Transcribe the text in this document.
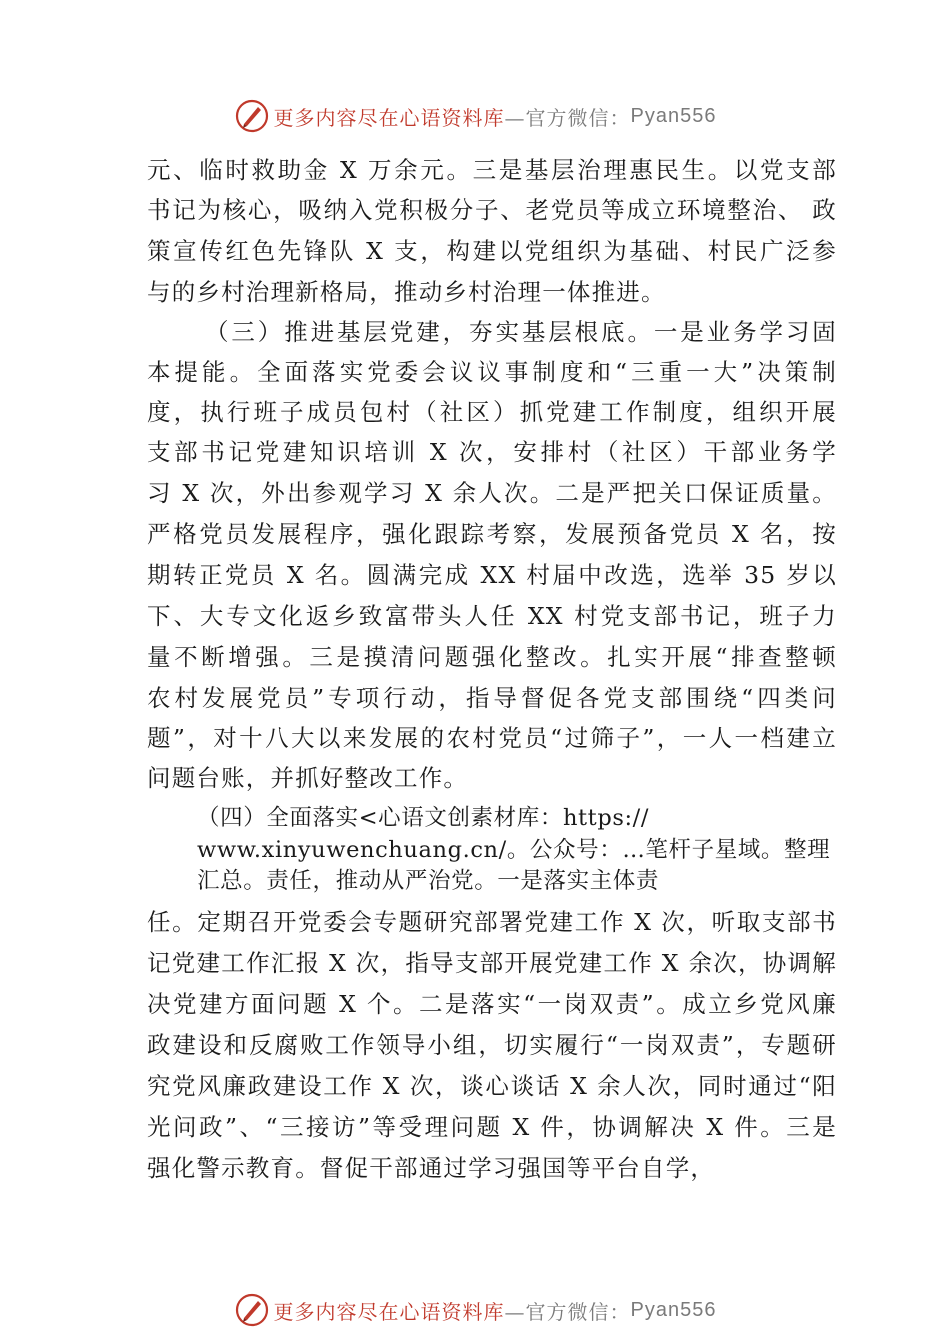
更多内容尽在心语资料库 —官方微信： Pyan556
元、临时救助金 X 万余元。三是基层治理惠民生。以党支部
书记为核心，吸纳入党积极分子、老党员等成立环境整治、 政
策宣传红色先锋队 X 支，构建以党组织为基础、村民广泛参
与的乡村治理新格局，推动乡村治理一体推进。
（三）推进基层党建，夯实基层根底。一是业务学习固
本提能。全面落实党委会议议事制度和“三重一大”决策制
度，执行班子成员包村（社区）抓党建工作制度，组织开展
支部书记党建知识培训 X 次，安排村（社区）干部业务学
习 X 次，外出参观学习 X 余人次。二是严把关口保证质量。
严格党员发展程序，强化跟踪考察，发展预备党员 X 名，按
期转正党员 X 名。圆满完成 XX 村届中改选，选举 35 岁以
下、大专文化返乡致富带头人任 XX 村党支部书记，班子力
量不断增强。三是摸清问题强化整改。扎实开展“排查整顿
农村发展党员”专项行动，指导督促各党支部围绕“四类问
题”，对十八大以来发展的农村党员“过筛子”，一人一档建立
问题台账，并抓好整改工作。
（四）全面落实<心语文创素材库：https://
www.xinyuwenchuang.cn/。公众号：…笔杆子星域。整理
汇总。责任，推动从严治党。一是落实主体责
任。定期召开党委会专题研究部署党建工作 X 次，听取支部书
记党建工作汇报 X 次，指导支部开展党建工作 X 余次，协调解
决党建方面问题 X 个。二是落实“一岗双责”。成立乡党风廉
政建设和反腐败工作领导小组，切实履行“一岗双责”，专题研
究党风廉政建设工作 X 次，谈心谈话 X 余人次，同时通过“阳
光问政”、“三接访”等受理问题 X 件，协调解决 X 件。三是
强化警示教育。督促干部通过学习强国等平台自学，
更多内容尽在心语资料库 —官方微信： Pyan556
